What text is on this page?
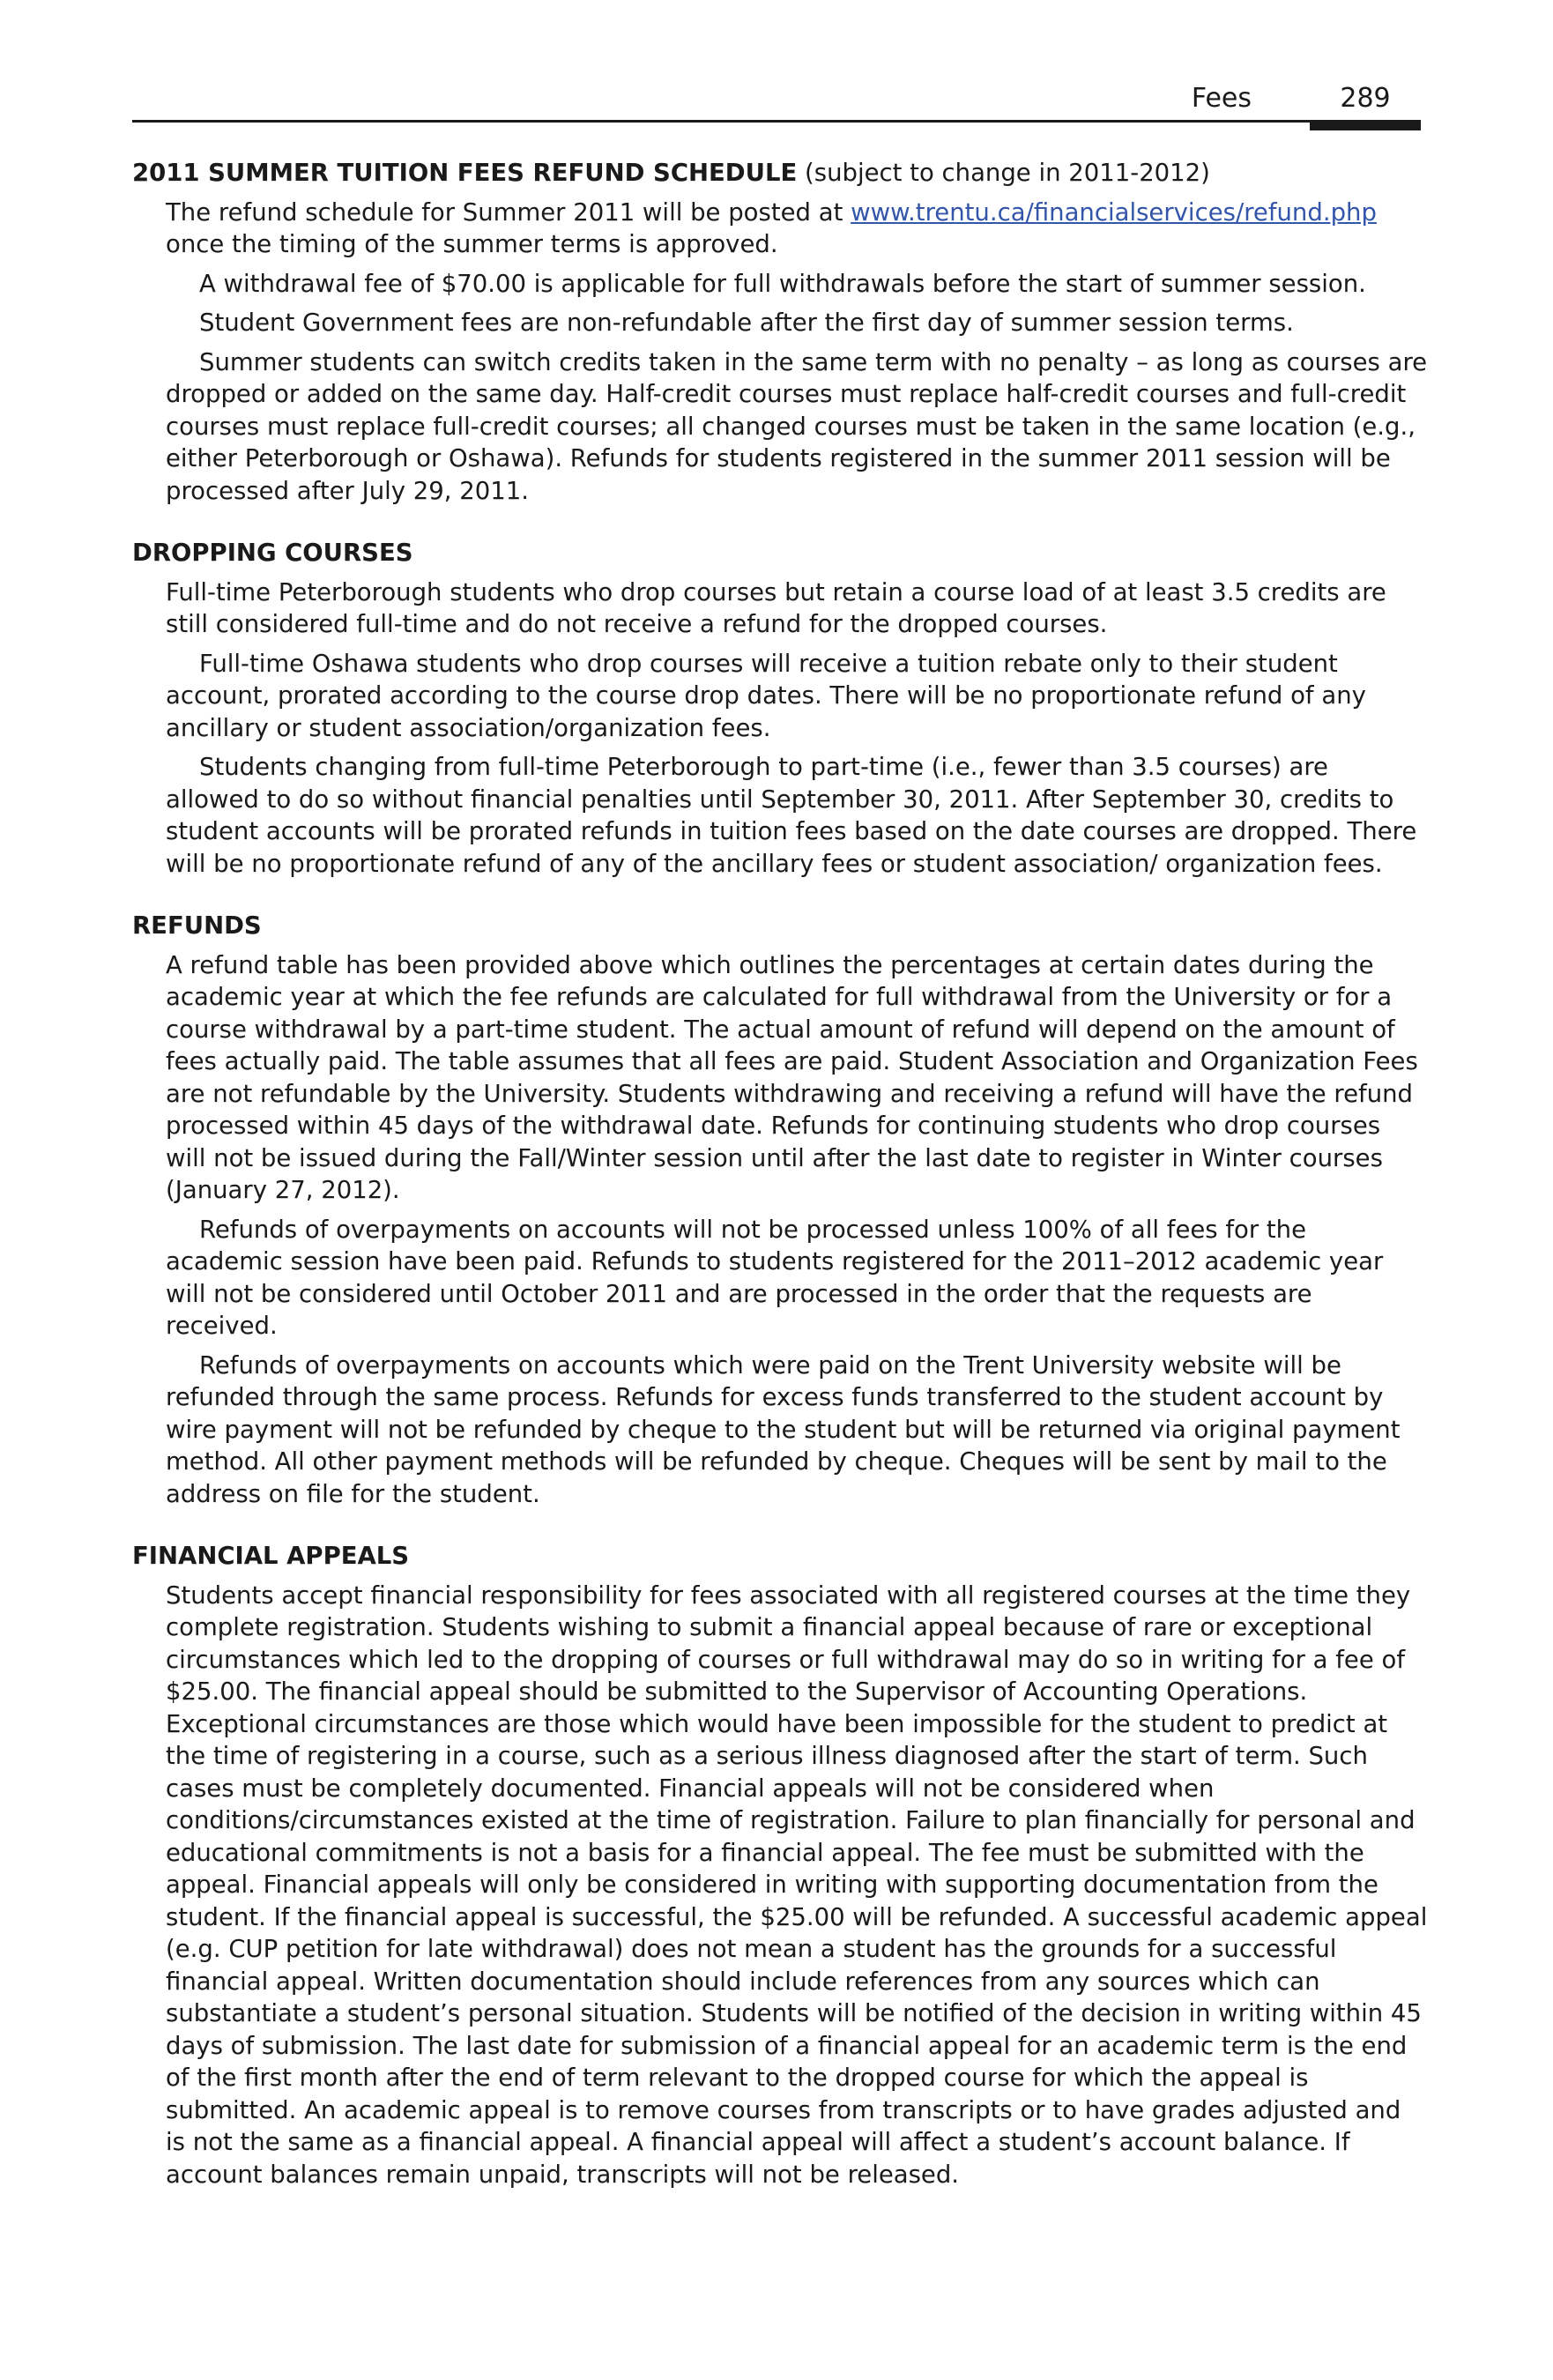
Fees	289
2011 SUMMER TUITION FEES REFUND SCHEDULE (subject to change in 2011-2012)

The refund schedule for Summer 2011 will be posted at www.trentu.ca/financialservices/refund.php once the timing of the summer terms is approved.

A withdrawal fee of $70.00 is applicable for full withdrawals before the start of summer session.

Student Government fees are non-refundable after the first day of summer session terms.

Summer students can switch credits taken in the same term with no penalty – as long as courses are dropped or added on the same day. Half-credit courses must replace half-credit courses and full-credit courses must replace full-credit courses; all changed courses must be taken in the same location (e.g., either Peterborough or Oshawa). Refunds for students registered in the summer 2011 session will be processed after July 29, 2011.

DROPPING COURSES

Full-time Peterborough students who drop courses but retain a course load of at least 3.5 credits are still considered full-time and do not receive a refund for the dropped courses.

Full-time Oshawa students who drop courses will receive a tuition rebate only to their student account, prorated according to the course drop dates. There will be no proportionate refund of any ancillary or student association/organization fees.

Students changing from full-time Peterborough to part-time (i.e., fewer than 3.5 courses) are allowed to do so without financial penalties until September 30, 2011. After September 30, credits to student accounts will be prorated refunds in tuition fees based on the date courses are dropped. There will be no proportionate refund of any of the ancillary fees or student association/ organization fees.

REFUNDS

A refund table has been provided above which outlines the percentages at certain dates during the academic year at which the fee refunds are calculated for full withdrawal from the University or for a course withdrawal by a part-time student. The actual amount of refund will depend on the amount of fees actually paid. The table assumes that all fees are paid. Student Association and Organization Fees are not refundable by the University. Students withdrawing and receiving a refund will have the refund processed within 45 days of the withdrawal date. Refunds for continuing students who drop courses will not be issued during the Fall/Winter session until after the last date to register in Winter courses (January 27, 2012).

Refunds of overpayments on accounts will not be processed unless 100% of all fees for the academic session have been paid. Refunds to students registered for the 2011–2012 academic year will not be considered until October 2011 and are processed in the order that the requests are received.

Refunds of overpayments on accounts which were paid on the Trent University website will be refunded through the same process. Refunds for excess funds transferred to the student account by wire payment will not be refunded by cheque to the student but will be returned via original payment method. All other payment methods will be refunded by cheque. Cheques will be sent by mail to the address on file for the student.

FINANCIAL APPEALS

Students accept financial responsibility for fees associated with all registered courses at the time they complete registration. Students wishing to submit a financial appeal because of rare or exceptional circumstances which led to the dropping of courses or full withdrawal may do so in writing for a fee of $25.00. The financial appeal should be submitted to the Supervisor of Accounting Operations. Exceptional circumstances are those which would have been impossible for the student to predict at the time of registering in a course, such as a serious illness diagnosed after the start of term. Such cases must be completely documented. Financial appeals will not be considered when conditions/circumstances existed at the time of registration. Failure to plan financially for personal and educational commitments is not a basis for a financial appeal. The fee must be submitted with the appeal. Financial appeals will only be considered in writing with supporting documentation from the student. If the financial appeal is successful, the $25.00 will be refunded. A successful academic appeal (e.g. CUP petition for late withdrawal) does not mean a student has the grounds for a successful financial appeal. Written documentation should include references from any sources which can substantiate a student’s personal situation. Students will be notified of the decision in writing within 45 days of submission. The last date for submission of a financial appeal for an academic term is the end of the first month after the end of term relevant to the dropped course for which the appeal is submitted. An academic appeal is to remove courses from transcripts or to have grades adjusted and is not the same as a financial appeal. A financial appeal will affect a student’s account balance. If account balances remain unpaid, transcripts will not be released.
